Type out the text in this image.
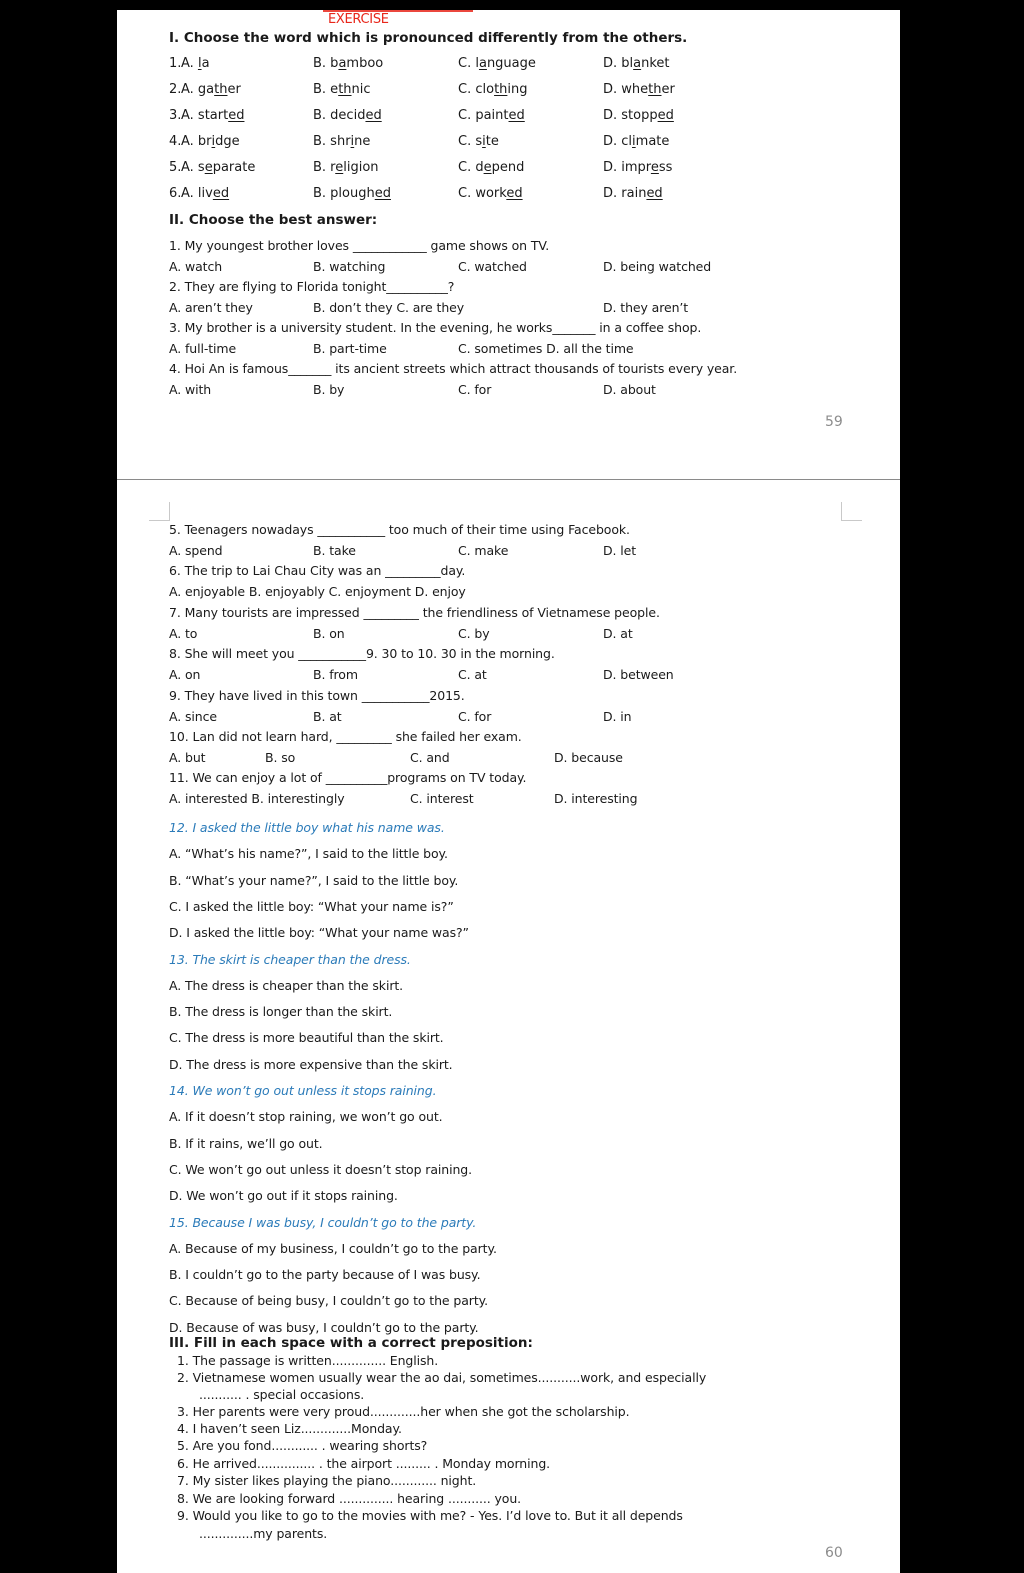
EXERCISE
I. Choose the word which is pronounced differently from the others.
1. A. la	B. bamboo	C. language	D. blanket
2. A. gather	B. ethnic	C. clothing	D. whether
3. A. started	B. decided	C. painted	D. stopped
4. A. bridge	B. shrine	C. site	D. climate
5. A. separate	B. religion	C. depend	D. impress
6. A. lived	B. ploughed	C. worked	D. rained
II. Choose the best answer:
1. My youngest brother loves ____________ game shows on TV.
A. watch	B. watching	C. watched	D. being watched
2. They are flying to Florida tonight__________?
A. aren’t they	B. don’t they C. are they	D. they aren’t
3. My brother is a university student. In the evening, he works_______ in a coffee shop.
A. full-time	B. part-time	C. sometimes D. all the time
4. Hoi An is famous_______ its ancient streets which attract thousands of tourists every year.
A. with	B. by	C. for	D. about
59
5. Teenagers nowadays ___________ too much of their time using Facebook.
A. spend	B. take	C. make	D. let
6. The trip to Lai Chau City was an _________day.
A. enjoyable B. enjoyably C. enjoyment D. enjoy
7. Many tourists are impressed _________ the friendliness of Vietnamese people.
A. to	B. on	C. by	D. at
8. She will meet you ___________9. 30 to 10. 30 in the morning.
A. on	B. from	C. at	D. between
9. They have lived in this town ___________2015.
A. since	B. at	C. for	D. in
10. Lan did not learn hard, _________ she failed her exam.
A. but	B. so	C. and	D. because
11. We can enjoy a lot of __________programs on TV today.
A. interested B. interestingly	C. interest	D. interesting
12. I asked the little boy what his name was.
A. “What’s his name?”, I said to the little boy.
B. “What’s your name?”, I said to the little boy.
C. I asked the little boy: “What your name is?”
D. I asked the little boy: “What your name was?”
13. The skirt is cheaper than the dress.
A. The dress is cheaper than the skirt.
B. The dress is longer than the skirt.
C. The dress is more beautiful than the skirt.
D. The dress is more expensive than the skirt.
14. We won’t go out unless it stops raining.
A. If it doesn’t stop raining, we won’t go out.
B. If it rains, we’ll go out.
C. We won’t go out unless it doesn’t stop raining.
D. We won’t go out if it stops raining.
15. Because I was busy, I couldn’t go to the party.
A. Because of my business, I couldn’t go to the party.
B. I couldn’t go to the party because of I was busy.
C. Because of being busy, I couldn’t go to the party.
D. Because of was busy, I couldn’t go to the party.
III. Fill in each space with a correct preposition:
1. The passage is written.............. English.
2. Vietnamese women usually wear the ao dai, sometimes...........work, and especially
........... . special occasions.
3. Her parents were very proud.............her when she got the scholarship.
4. I haven’t seen Liz.............Monday.
5. Are you fond............ . wearing shorts?
6. He arrived............... . the airport ......... . Monday morning.
7. My sister likes playing the piano............ night.
8. We are looking forward .............. hearing ........... you.
9. Would you like to go to the movies with me? - Yes. I’d love to. But it all depends
..............my parents.
60
